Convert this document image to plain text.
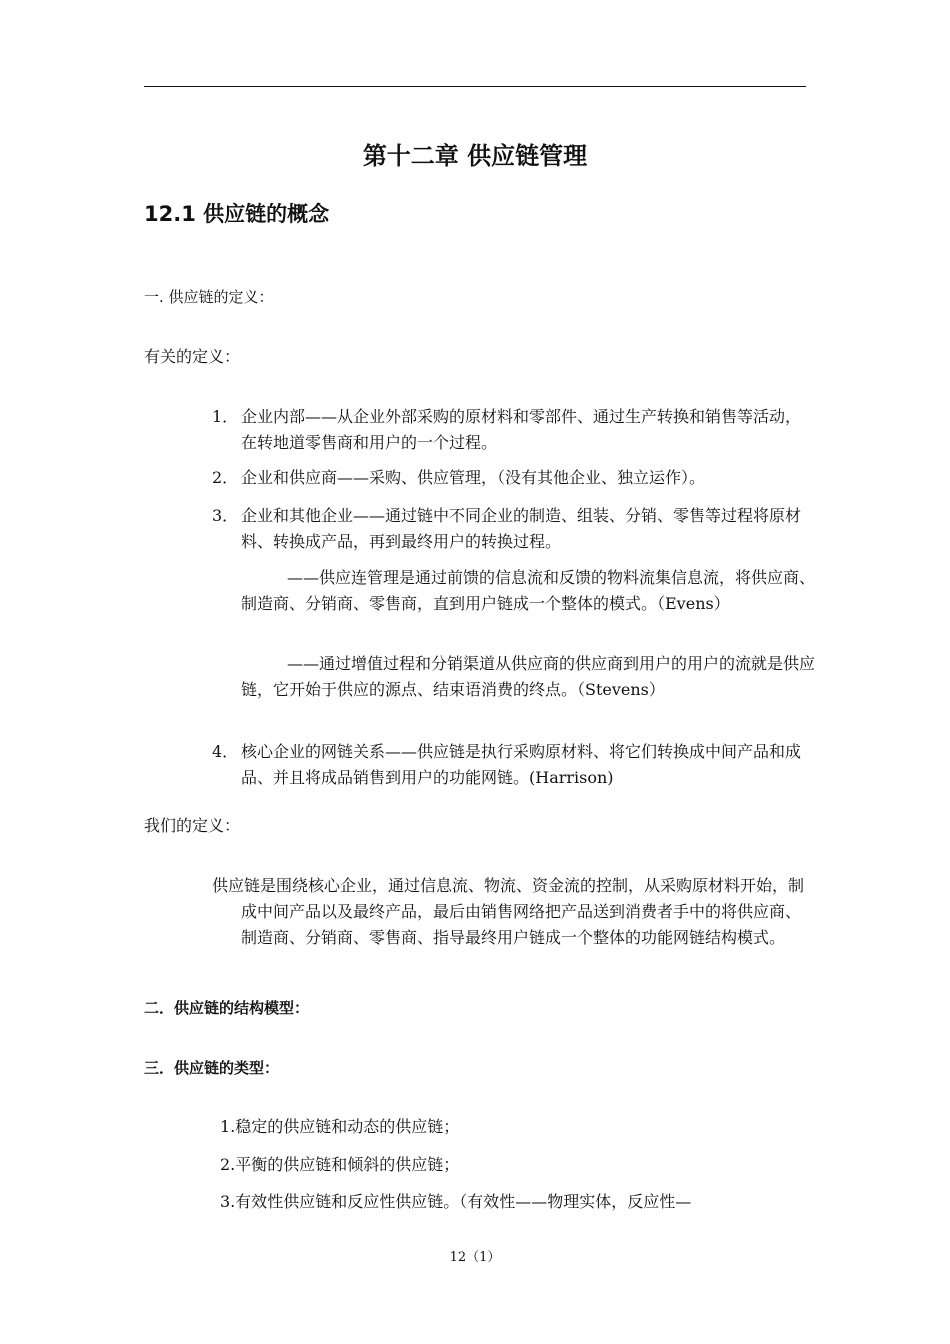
第十二章 供应链管理
12.1 供应链的概念
一. 供应链的定义：
有关的定义：
1． 企业内部——从企业外部采购的原材料和零部件、通过生产转换和销售等活动，在转地道零售商和用户的一个过程。
2． 企业和供应商——采购、供应管理，（没有其他企业、独立运作）。
3． 企业和其他企业——通过链中不同企业的制造、组装、分销、零售等过程将原材料、转换成产品，再到最终用户的转换过程。
——供应连管理是通过前馈的信息流和反馈的物料流集信息流，将供应商、制造商、分销商、零售商，直到用户链成一个整体的模式。（Evens）
——通过增值过程和分销渠道从供应商的供应商到用户的用户的流就是供应链，它开始于供应的源点、结束语消费的终点。（Stevens）
4． 核心企业的网链关系——供应链是执行采购原材料、将它们转换成中间产品和成品、并且将成品销售到用户的功能网链。(Harrison)
我们的定义：
供应链是围绕核心企业，通过信息流、物流、资金流的控制，从采购原材料开始，制成中间产品以及最终产品，最后由销售网络把产品送到消费者手中的将供应商、制造商、分销商、零售商、指导最终用户链成一个整体的功能网链结构模式。
二．供应链的结构模型：
三．供应链的类型：
1.稳定的供应链和动态的供应链；
2.平衡的供应链和倾斜的供应链；
3.有效性供应链和反应性供应链。（有效性——物理实体，反应性—
12（1）
